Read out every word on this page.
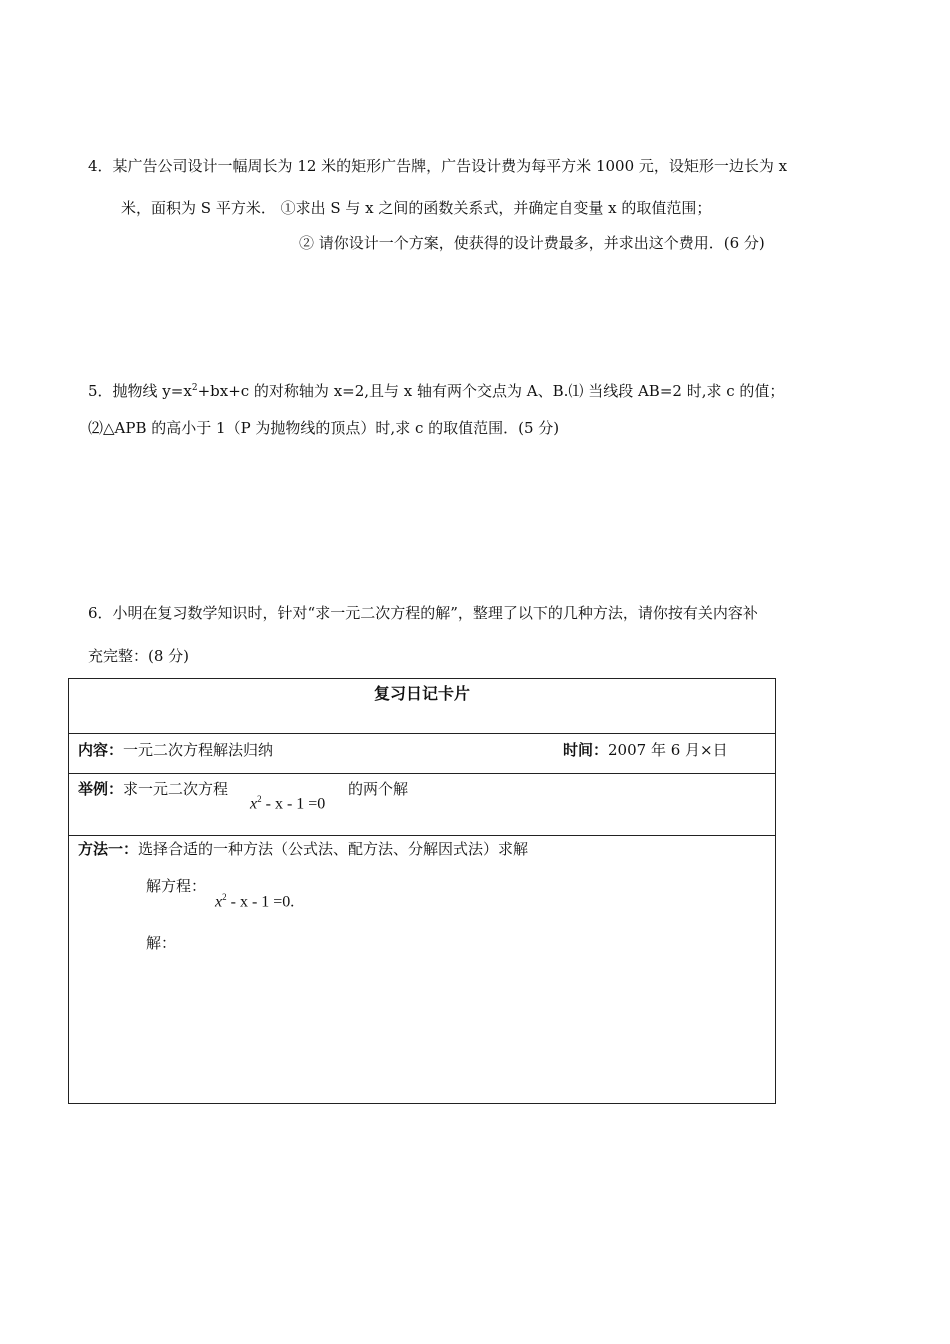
4．某广告公司设计一幅周长为 12 米的矩形广告牌，广告设计费为每平方米 1000 元，设矩形一边长为 x
米，面积为 S 平方米． ①求出 S 与 x 之间的函数关系式，并确定自变量 x 的取值范围；
② 请你设计一个方案，使获得的设计费最多，并求出这个费用．(6 分)
5．抛物线 $y=x^2+bx+c$ 的对称轴为 x=2,且与 x 轴有两个交点为 A、B.⑴ 当线段 AB=2 时,求 c 的值；
⑵△APB 的高小于 1（P 为抛物线的顶点）时,求 c 的取值范围．(5 分)
6．小明在复习数学知识时，针对“求一元二次方程的解”，整理了以下的几种方法，请你按有关内容补
充完整：(8 分)
复习日记卡片
内容：一元二次方程解法归纳	时间：2007 年 6 月×日
举例：求一元二次方程
$x^2 - x - 1 =0$
的两个解
方法一：选择合适的一种方法（公式法、配方法、分解因式法）求解
解方程：
$x^2 - x - 1 =0$.
解：
